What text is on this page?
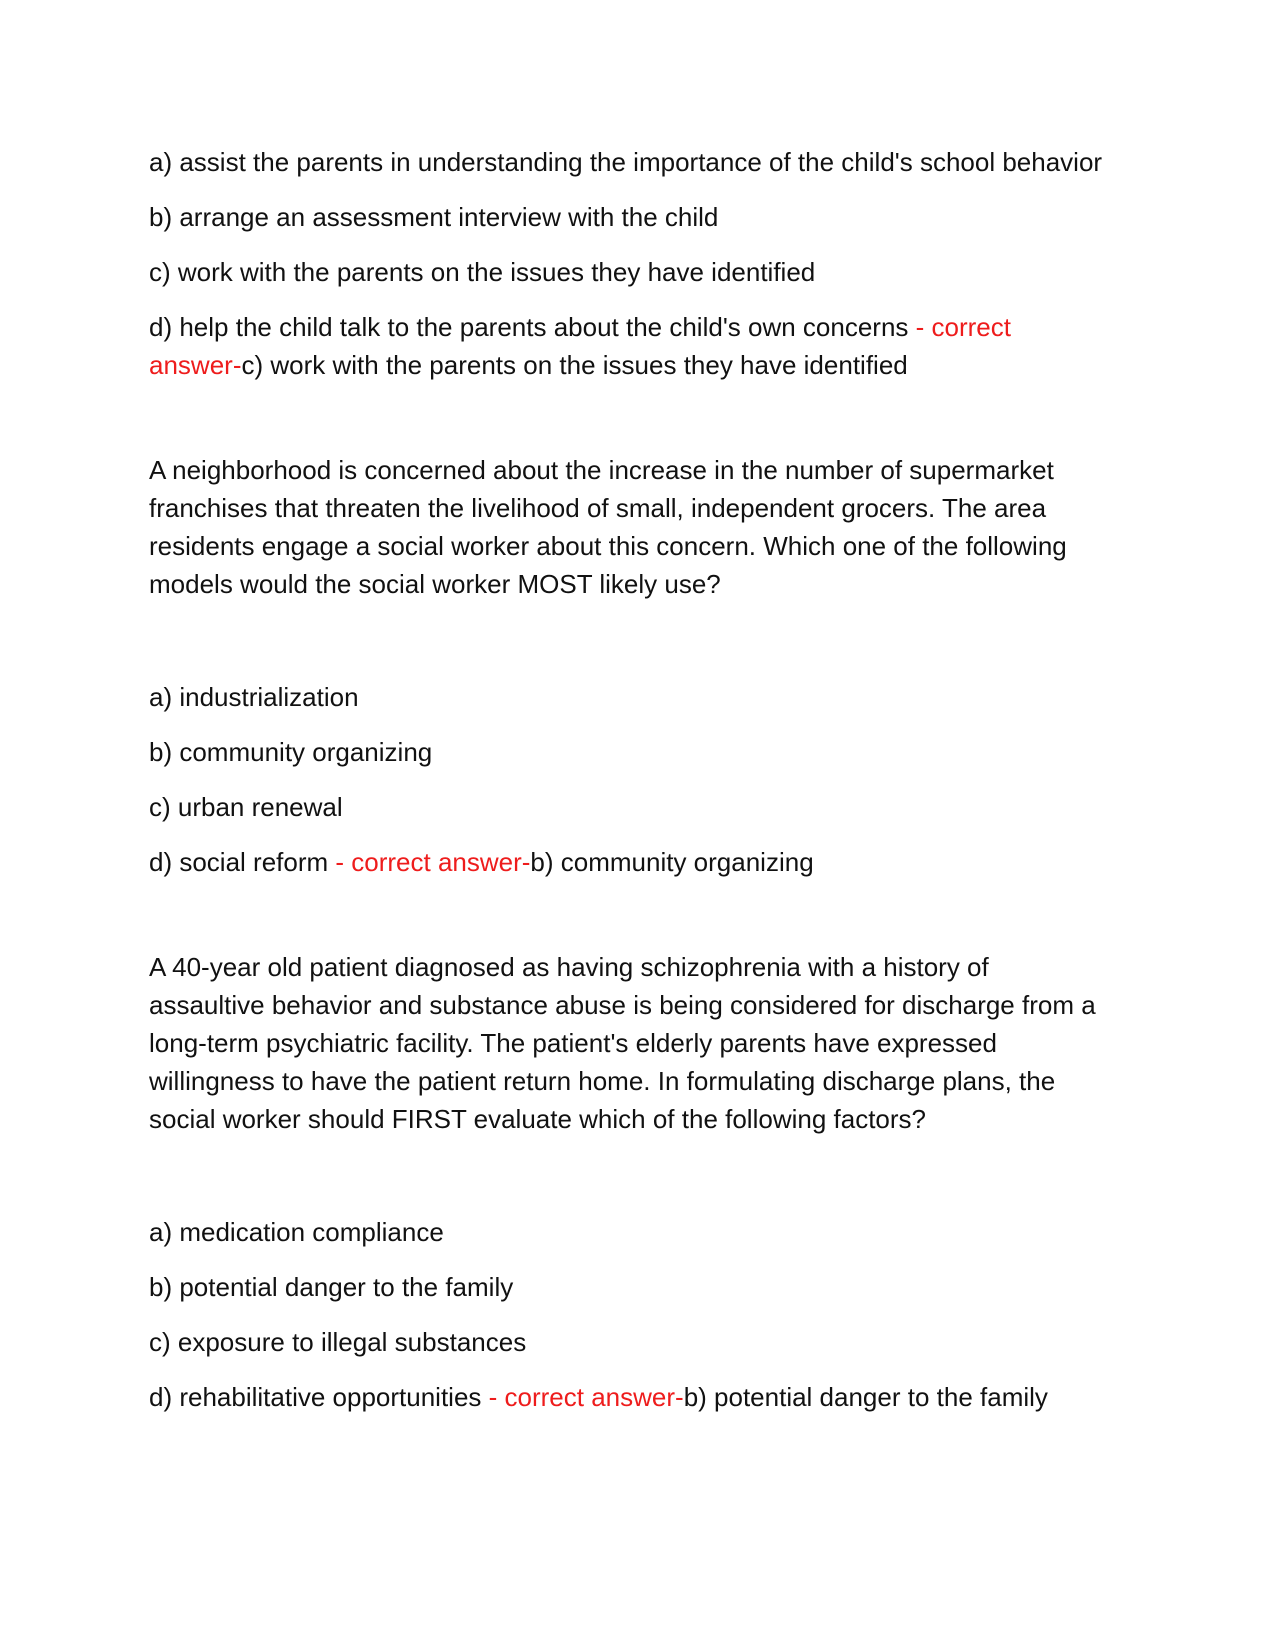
a) assist the parents in understanding the importance of the child's school behavior

b) arrange an assessment interview with the child

c) work with the parents on the issues they have identified

d) help the child talk to the parents about the child's own concerns - correct answer-c) work with the parents on the issues they have identified

A neighborhood is concerned about the increase in the number of supermarket franchises that threaten the livelihood of small, independent grocers. The area residents engage a social worker about this concern. Which one of the following models would the social worker MOST likely use?

a) industrialization

b) community organizing

c) urban renewal

d) social reform - correct answer-b) community organizing

A 40-year old patient diagnosed as having schizophrenia with a history of assaultive behavior and substance abuse is being considered for discharge from a long-term psychiatric facility. The patient's elderly parents have expressed willingness to have the patient return home. In formulating discharge plans, the social worker should FIRST evaluate which of the following factors?

a) medication compliance

b) potential danger to the family

c) exposure to illegal substances

d) rehabilitative opportunities - correct answer-b) potential danger to the family
